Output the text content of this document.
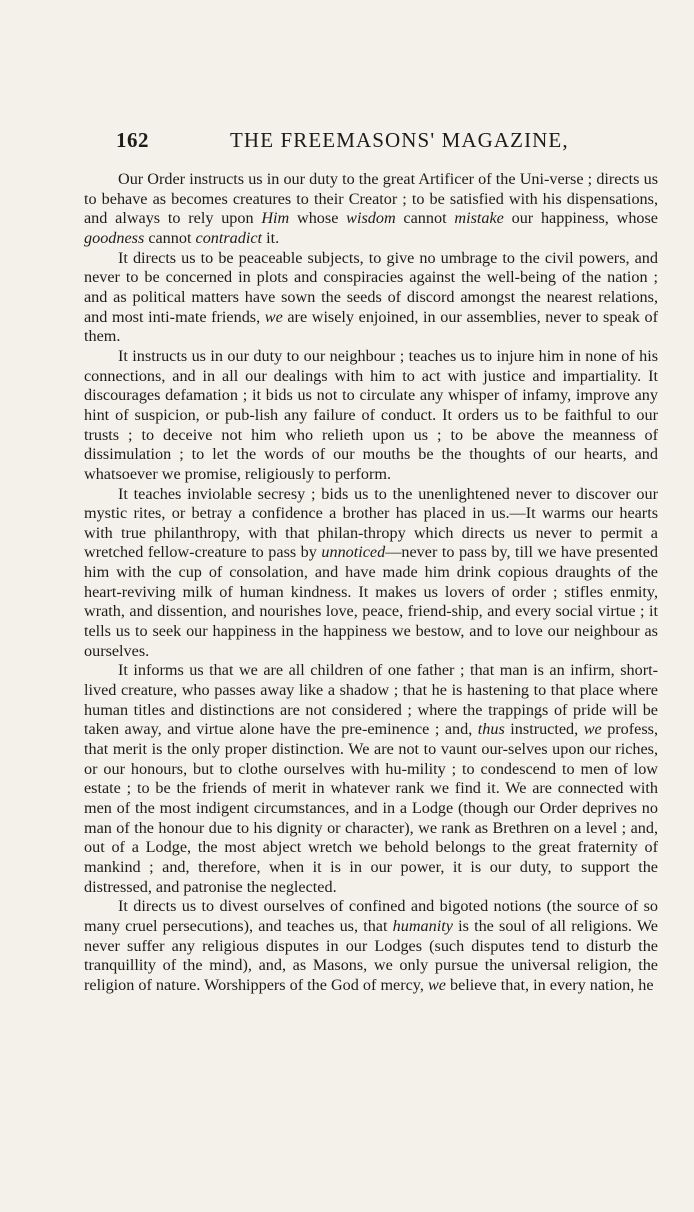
162	THE FREEMASONS' MAGAZINE,

Our Order instructs us in our duty to the great Artificer of the Uni-verse ; directs us to behave as becomes creatures to their Creator ; to be satisfied with his dispensations, and always to rely upon Him whose wisdom cannot mistake our happiness, whose goodness cannot contradict it.

It directs us to be peaceable subjects, to give no umbrage to the civil powers, and never to be concerned in plots and conspiracies against the well-being of the nation ; and as political matters have sown the seeds of discord amongst the nearest relations, and most inti-mate friends, we are wisely enjoined, in our assemblies, never to speak of them.

It instructs us in our duty to our neighbour ; teaches us to injure him in none of his connections, and in all our dealings with him to act with justice and impartiality. It discourages defamation ; it bids us not to circulate any whisper of infamy, improve any hint of suspicion, or pub-lish any failure of conduct. It orders us to be faithful to our trusts ; to deceive not him who relieth upon us ; to be above the meanness of dissimulation ; to let the words of our mouths be the thoughts of our hearts, and whatsoever we promise, religiously to perform.

It teaches inviolable secresy ; bids us to the unenlightened never to discover our mystic rites, or betray a confidence a brother has placed in us.—It warms our hearts with true philanthropy, with that philan-thropy which directs us never to permit a wretched fellow-creature to pass by unnoticed—never to pass by, till we have presented him with the cup of consolation, and have made him drink copious draughts of the heart-reviving milk of human kindness. It makes us lovers of order ; stifles enmity, wrath, and dissention, and nourishes love, peace, friend-ship, and every social virtue ; it tells us to seek our happiness in the happiness we bestow, and to love our neighbour as ourselves.

It informs us that we are all children of one father ; that man is an infirm, short-lived creature, who passes away like a shadow ; that he is hastening to that place where human titles and distinctions are not considered ; where the trappings of pride will be taken away, and virtue alone have the pre-eminence ; and, thus instructed, we profess, that merit is the only proper distinction. We are not to vaunt our-selves upon our riches, or our honours, but to clothe ourselves with hu-mility ; to condescend to men of low estate ; to be the friends of merit in whatever rank we find it. We are connected with men of the most indigent circumstances, and in a Lodge (though our Order deprives no man of the honour due to his dignity or character), we rank as Brethren on a level ; and, out of a Lodge, the most abject wretch we behold belongs to the great fraternity of mankind ; and, therefore, when it is in our power, it is our duty, to support the distressed, and patronise the neglected.

It directs us to divest ourselves of confined and bigoted notions (the source of so many cruel persecutions), and teaches us, that humanity is the soul of all religions. We never suffer any religious disputes in our Lodges (such disputes tend to disturb the tranquillity of the mind), and, as Masons, we only pursue the universal religion, the religion of nature. Worshippers of the God of mercy, we believe that, in every nation, he
